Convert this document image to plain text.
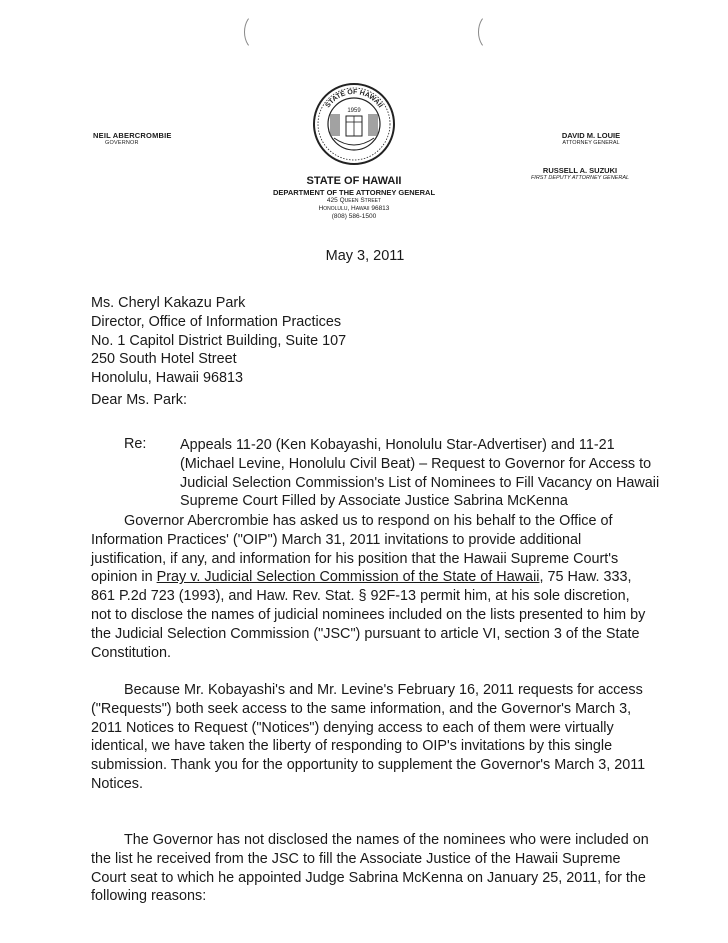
STATE OF HAWAII
1959
NEIL ABERCROMBIE
GOVERNOR
DAVID M. LOUIE
ATTORNEY GENERAL
RUSSELL A. SUZUKI
FIRST DEPUTY ATTORNEY GENERAL
STATE OF HAWAII
DEPARTMENT OF THE ATTORNEY GENERAL
425 Queen Street
Honolulu, Hawaii 96813
(808) 586-1500
May 3, 2011
Ms. Cheryl Kakazu Park
Director, Office of Information Practices
No. 1 Capitol District Building, Suite 107
250 South Hotel Street
Honolulu, Hawaii 96813
Dear Ms. Park:
Re: Appeals 11-20 (Ken Kobayashi, Honolulu Star-Advertiser) and 11-21 (Michael Levine, Honolulu Civil Beat) – Request to Governor for Access to Judicial Selection Commission's List of Nominees to Fill Vacancy on Hawaii Supreme Court Filled by Associate Justice Sabrina McKenna
Governor Abercrombie has asked us to respond on his behalf to the Office of Information Practices' ("OIP") March 31, 2011 invitations to provide additional justification, if any, and information for his position that the Hawaii Supreme Court's opinion in Pray v. Judicial Selection Commission of the State of Hawaii, 75 Haw. 333, 861 P.2d 723 (1993), and Haw. Rev. Stat. § 92F-13 permit him, at his sole discretion, not to disclose the names of judicial nominees included on the lists presented to him by the Judicial Selection Commission ("JSC") pursuant to article VI, section 3 of the State Constitution.
Because Mr. Kobayashi's and Mr. Levine's February 16, 2011 requests for access ("Requests") both seek access to the same information, and the Governor's March 3, 2011 Notices to Request ("Notices") denying access to each of them were virtually identical, we have taken the liberty of responding to OIP's invitations by this single submission. Thank you for the opportunity to supplement the Governor's March 3, 2011 Notices.
The Governor has not disclosed the names of the nominees who were included on the list he received from the JSC to fill the Associate Justice of the Hawaii Supreme Court seat to which he appointed Judge Sabrina McKenna on January 25, 2011, for the following reasons:
